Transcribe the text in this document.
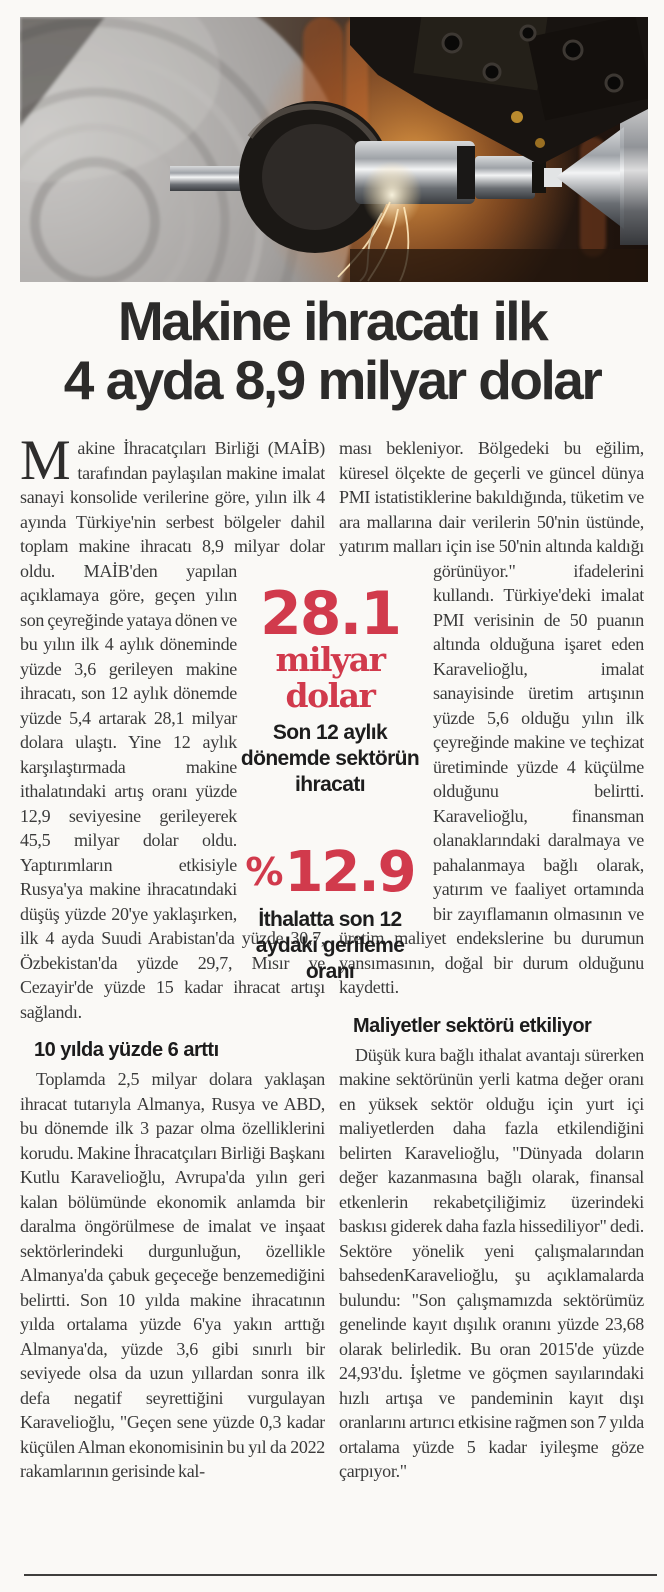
Makine ihracatı ilk
4 ayda 8,9 milyar dolar

Makine İhracatçıları Birliği (MAİB) tarafından paylaşılan makine imalat sanayi konsolide verilerine göre, yılın ilk 4 ayında Türkiye'nin serbest bölgeler dahil toplam makine ihracatı 8,9 milyar dolar oldu. MAİB'den yapılan
açıklamaya göre, geçen yılın son çeyreğinde yataya dönen ve bu yılın ilk 4 aylık döneminde yüzde 3,6 gerileyen makine ihracatı, son 12 aylık dönemde yüzde 5,4 artarak 28,1 milyar dolara ulaştı. Yine 12 aylık karşılaştırmada makine ithalatındaki artış oranı yüzde 12,9 seviyesine gerileyerek 45,5 milyar dolar oldu. Yaptırımların etkisiyle Rusya'ya makine ihracatındaki düşüş yüzde 20'ye yaklaşırken, ilk 4 ayda Suudi Arabistan'da yüzde 30,7, Özbekistan'da yüzde 29,7, Mısır ve Cezayir'de yüzde 15 kadar ihracat artışı sağlandı.

10 yılda yüzde 6 arttı

Toplamda 2,5 milyar dolara yaklaşan ihracat tutarıyla Almanya, Rusya ve ABD, bu dönemde ilk 3 pazar olma özelliklerini korudu. Makine İhracatçıları Birliği Başkanı Kutlu Karavelioğlu, Avrupa'da yılın geri kalan bölümünde ekonomik anlamda bir daralma öngörülmese de imalat ve inşaat sektörlerindeki durgunluğun, özellikle Almanya'da çabuk geçeceğe benzemediğini belirtti. Son 10 yılda makine ihracatının yılda ortalama yüzde 6'ya yakın arttığı Almanya'da, yüzde 3,6 gibi sınırlı bir seviyede olsa da uzun yıllardan sonra ilk defa negatif seyrettiğini vurgulayan Karavelioğlu, "Geçen sene yüzde 0,3 kadar küçülen Alman ekonomisinin bu yıl da 2022 rakamlarının gerisinde kal-

ması bekleniyor. Bölgedeki bu eğilim, küresel ölçekte de geçerli ve güncel dünya PMI istatistiklerine bakıldığında, tüketim ve ara mallarına dair verilerin 50'nin üstünde, yatırım malları için ise 50'nin altında kaldı
ğı görünüyor." ifadelerini kullandı. Türkiye'deki imalat PMI verisinin de 50 puanın altında olduğuna işaret eden Karavelioğlu, imalat sanayisinde üretim artışının yüzde 5,6 olduğu yılın ilk çeyreğinde makine ve teçhizat üretiminde yüzde 4 küçülme olduğunu belirtti. Karavelioğlu, finansman olanaklarındaki daralmaya ve pahalanmaya bağlı olarak, yatırım ve faaliyet ortamında bir zayıflamanın olmasının ve üretim maliyet endekslerine bu durumun yansımasının, doğal bir durum olduğunu kaydetti.

Maliyetler sektörü etkiliyor

Düşük kura bağlı ithalat avantajı sürerken makine sektörünün yerli katma değer oranı en yüksek sektör olduğu için yurt içi maliyetlerden daha fazla etkilendiğini belirten Karavelioğlu, "Dünyada doların değer kazanmasına bağlı olarak, finansal etkenlerin rekabetçiliğimiz üzerindeki baskısı giderek daha fazla hissediliyor" dedi. Sektöre yönelik yeni çalışmalarından bahsedenKaravelioğlu, şu açıklamalarda bulundu: "Son çalışmamızda sektörümüz genelinde kayıt dışılık oranını yüzde 23,68 olarak belirledik. Bu oran 2015'de yüzde 24,93'du. İşletme ve göçmen sayılarındaki hızlı artışa ve pandeminin kayıt dışı oranlarını artırıcı etkisine rağmen son 7 yılda ortalama yüzde 5 kadar iyileşme göze çarpıyor."

28.1
milyar dolar
Son 12 aylık dönemde sektörün ihracatı
%12.9
İthalatta son 12 aydaki gerileme oranı
